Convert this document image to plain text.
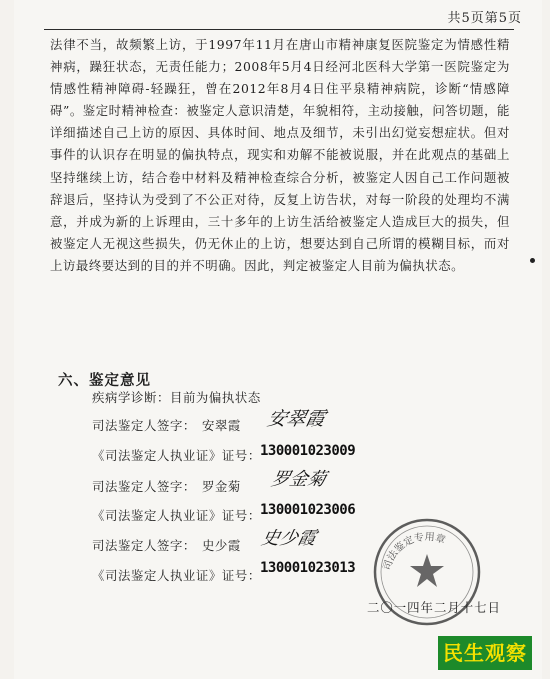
共5页第5页

法律不当，故频繁上访，于1997年11月在唐山市精神康复医院鉴定为情感性精神病，躁狂状态，无责任能力；2008年5月4日经河北医科大学第一医院鉴定为情感性精神障碍-轻躁狂，曾在2012年8月4日住平泉精神病院，诊断“情感障碍”。鉴定时精神检查：被鉴定人意识清楚，年貌相符，主动接触，问答切题，能详细描述自己上访的原因、具体时间、地点及细节，未引出幻觉妄想症状。但对事件的认识存在明显的偏执特点，现实和劝解不能被说服，并在此观点的基础上坚持继续上访，结合卷中材料及精神检查综合分析，被鉴定人因自己工作问题被辞退后，坚持认为受到了不公正对待，反复上访告状，对每一阶段的处理均不满意，并成为新的上诉理由，三十多年的上访生活给被鉴定人造成巨大的损失，但被鉴定人无视这些损失，仍无休止的上访，想要达到自己所谓的模糊目标，而对上访最终要达到的目的并不明确。因此，判定被鉴定人目前为偏执状态。

六、鉴定意见
疾病学诊断：目前为偏执状态
司法鉴定人签字： 安翠霞
《司法鉴定人执业证》证号：
司法鉴定人签字： 罗金菊
《司法鉴定人执业证》证号：
司法鉴定人签字： 史少霞
《司法鉴定人执业证》证号：
安翠霞
罗金菊
史少霞
130001023009
130001023006
130001023013	司法鉴定专用章
二〇一四年二月十七日
民生观察
